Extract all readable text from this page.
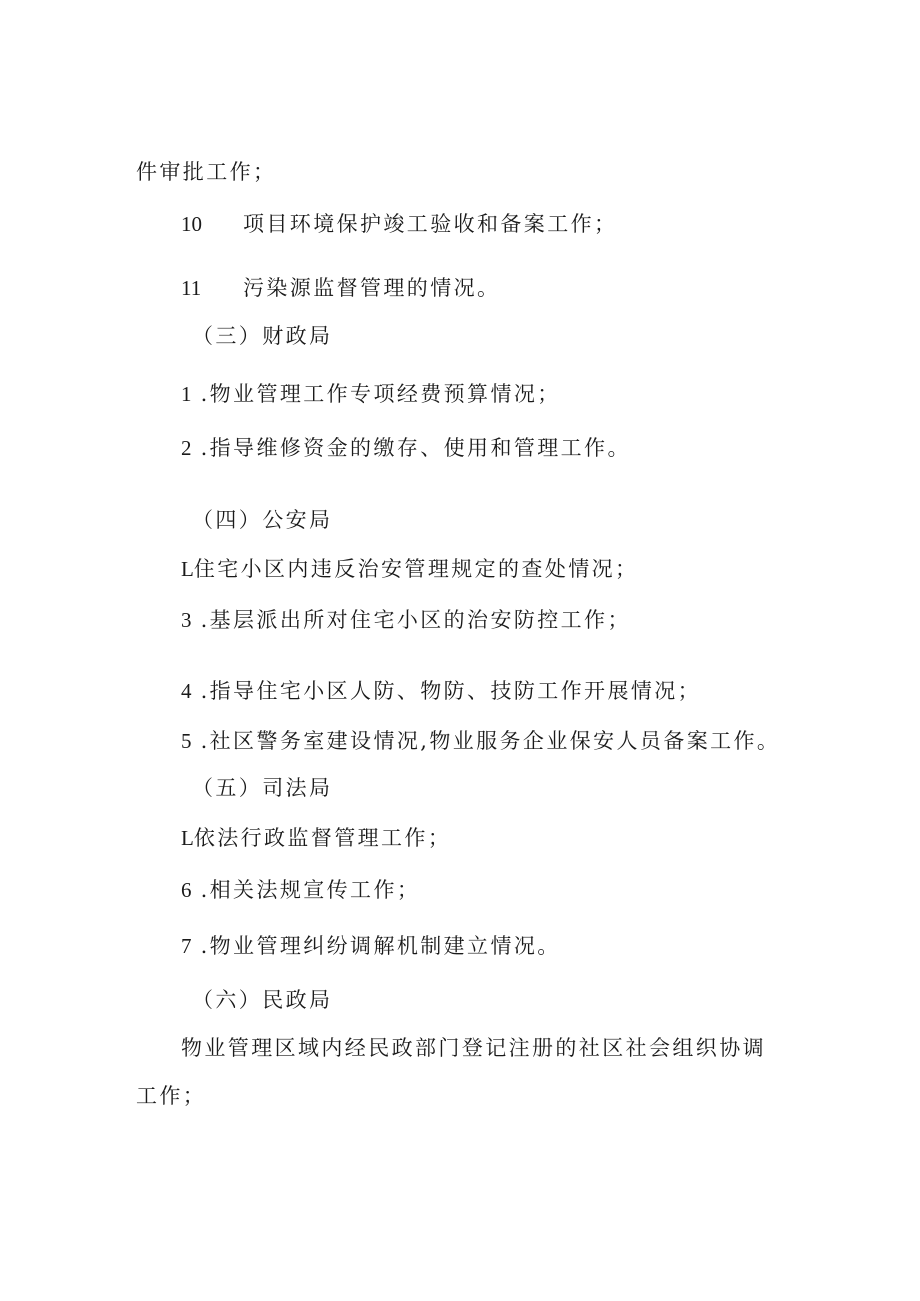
件审批工作；
10 项目环境保护竣工验收和备案工作；
11 污染源监督管理的情况。
（三）财政局
1 .物业管理工作专项经费预算情况；
2 .指导维修资金的缴存、使用和管理工作。
（四）公安局
L住宅小区内违反治安管理规定的查处情况；
3 .基层派出所对住宅小区的治安防控工作；
4 .指导住宅小区人防、物防、技防工作开展情况；
5 .社区警务室建设情况,物业服务企业保安人员备案工作。
（五）司法局
L依法行政监督管理工作；
6 .相关法规宣传工作；
7 .物业管理纠纷调解机制建立情况。
（六）民政局
物业管理区域内经民政部门登记注册的社区社会组织协调
工作；
